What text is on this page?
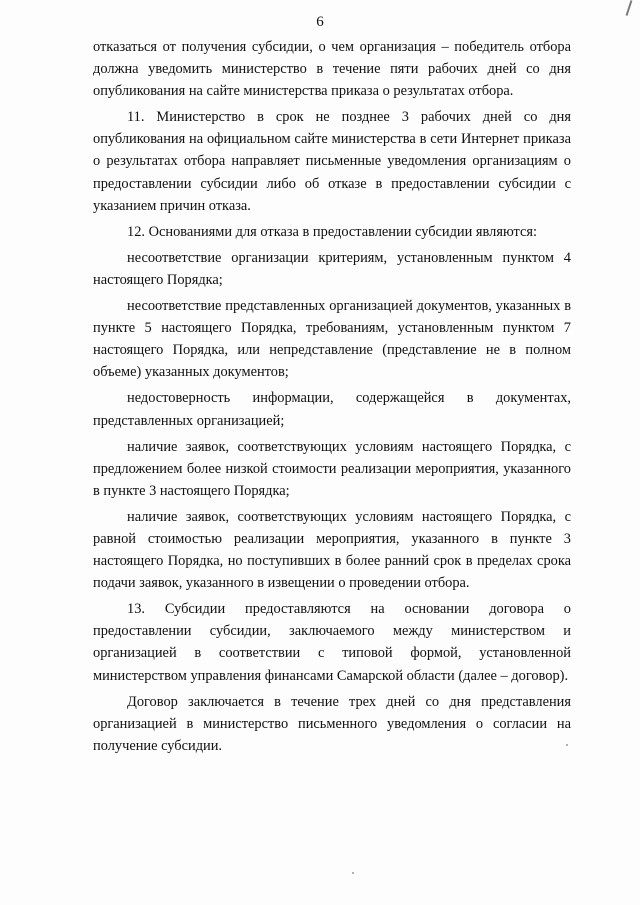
6

отказаться от получения субсидии, о чем организация – победитель отбора должна уведомить министерство в течение пяти рабочих дней со дня опубликования на сайте министерства приказа о результатах отбора.

11. Министерство в срок не позднее 3 рабочих дней со дня опубликования на официальном сайте министерства в сети Интернет приказа о результатах отбора направляет письменные уведомления организациям о предоставлении субсидии либо об отказе в предоставлении субсидии с указанием причин отказа.

12. Основаниями для отказа в предоставлении субсидии являются:

несоответствие организации критериям, установленным пунктом 4 настоящего Порядка;

несоответствие представленных организацией документов, указанных в пункте 5 настоящего Порядка, требованиям, установленным пунктом 7 настоящего Порядка, или непредставление (представление не в полном объеме) указанных документов;

недостоверность информации, содержащейся в документах, представленных организацией;

наличие заявок, соответствующих условиям настоящего Порядка, с предложением более низкой стоимости реализации мероприятия, указанного в пункте 3 настоящего Порядка;

наличие заявок, соответствующих условиям настоящего Порядка, с равной стоимостью реализации мероприятия, указанного в пункте 3 настоящего Порядка, но поступивших в более ранний срок в пределах срока подачи заявок, указанного в извещении о проведении отбора.

13. Субсидии предоставляются на основании договора о предоставлении субсидии, заключаемого между министерством и организацией в соответствии с типовой формой, установленной министерством управления финансами Самарской области (далее – договор).

Договор заключается в течение трех дней со дня представления организацией в министерство письменного уведомления о согласии на получение субсидии.
